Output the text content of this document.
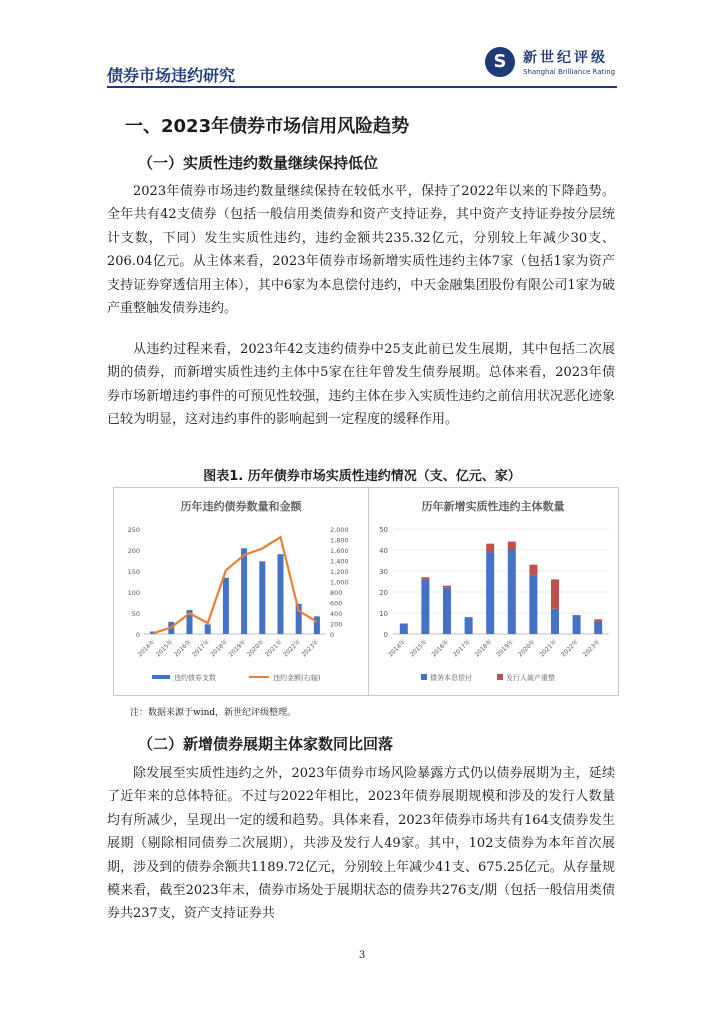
债券市场违约研究
S	新世纪评级
Shanghai Brilliance Rating
一、2023年债券市场信用风险趋势
（一）实质性违约数量继续保持低位

2023年债券市场违约数量继续保持在较低水平，保持了2022年以来的下降趋势。全年共有42支债券（包括一般信用类债券和资产支持证券，其中资产支持证券按分层统计支数，下同）发生实质性违约，违约金额共235.32亿元，分别较上年减少30支、206.04亿元。从主体来看，2023年债券市场新增实质性违约主体7家（包括1家为资产支持证券穿透信用主体），其中6家为本息偿付违约，中天金融集团股份有限公司1家为破产重整触发债券违约。

从违约过程来看，2023年42支违约债券中25支此前已发生展期，其中包括二次展期的债券，而新增实质性违约主体中5家在往年曾发生债券展期。总体来看，2023年债券市场新增违约事件的可预见性较强，违约主体在步入实质性违约之前信用状况恶化迹象已较为明显，这对违约事件的影响起到一定程度的缓释作用。

图表1. 历年债券市场实质性违约情况（支、亿元、家）
历年违约债券数量和金额
0
50
100
150
200
250
0
200
400
600
800
1,000
1,200
1,400
1,600
1,800
2,000
2014年
2015年
2016年
2017年
2018年
2019年
2020年
2021年
2022年
2023年
违约债券支数	违约金额(右轴)
历年新增实质性违约主体数量
0
10
20
30
40
50
2014年 2015年 2016年 2017年 2018年 2019年 2020年 2021年 2022年 2023年
债务本息偿付	发行人破产重整
注：数据来源于wind，新世纪评级整理。
（二）新增债券展期主体家数同比回落

除发展至实质性违约之外，2023年债券市场风险暴露方式仍以债券展期为主，延续了近年来的总体特征。不过与2022年相比，2023年债券展期规模和涉及的发行人数量均有所减少，呈现出一定的缓和趋势。具体来看，2023年债券市场共有164支债券发生展期（剔除相同债券二次展期），共涉及发行人49家。其中，102支债券为本年首次展期，涉及到的债券余额共1189.72亿元，分别较上年减少41支、675.25亿元。从存量规模来看，截至2023年末，债券市场处于展期状态的债券共276支/期（包括一般信用类债券共237支，资产支持证券共

3
